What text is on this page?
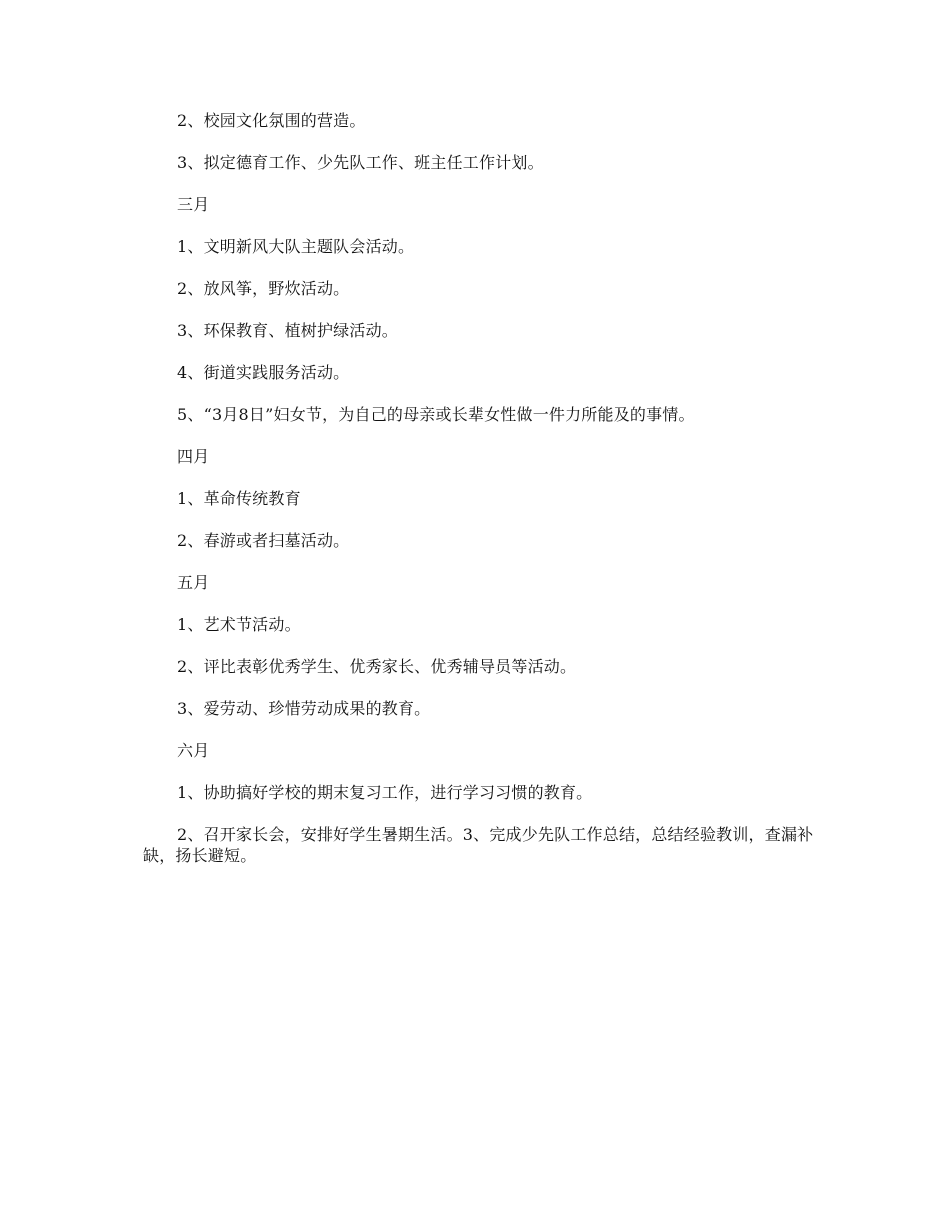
2、校园文化氛围的营造。

3、拟定德育工作、少先队工作、班主任工作计划。

三月

1、文明新风大队主题队会活动。

2、放风筝，野炊活动。

3、环保教育、植树护绿活动。

4、街道实践服务活动。

5、“3月8日”妇女节，为自己的母亲或长辈女性做一件力所能及的事情。

四月

1、革命传统教育

2、春游或者扫墓活动。

五月

1、艺术节活动。

2、评比表彰优秀学生、优秀家长、优秀辅导员等活动。

3、爱劳动、珍惜劳动成果的教育。

六月

1、协助搞好学校的期末复习工作，进行学习习惯的教育。

2、召开家长会，安排好学生暑期生活。3、完成少先队工作总结，总结经验教训，查漏补缺，扬长避短。
